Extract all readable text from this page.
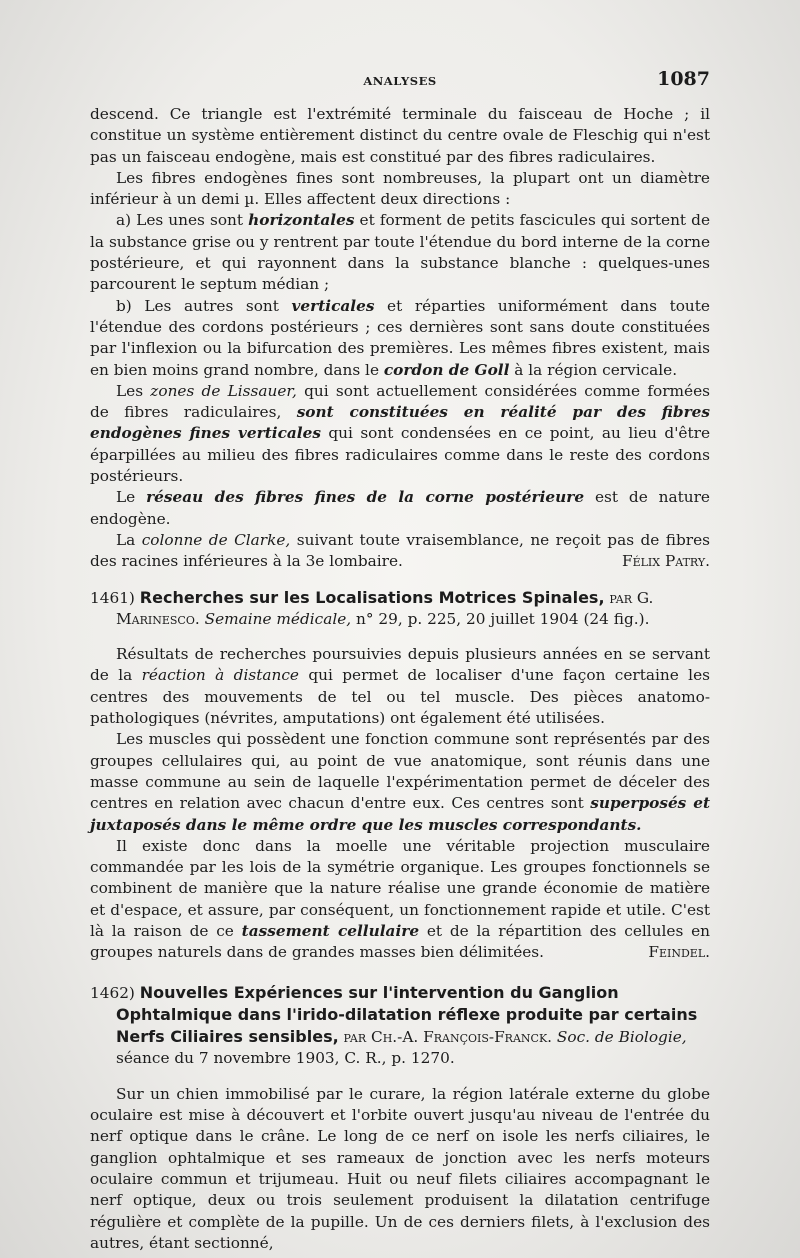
ANALYSES	1087

descend. Ce triangle est l'extrémité terminale du faisceau de Hoche ; il constitue un système entièrement distinct du centre ovale de Fleschig qui n'est pas un faisceau endogène, mais est constitué par des fibres radiculaires.

Les fibres endogènes fines sont nombreuses, la plupart ont un diamètre inférieur à un demi µ. Elles affectent deux directions :

a) Les unes sont horizontales et forment de petits fascicules qui sortent de la substance grise ou y rentrent par toute l'étendue du bord interne de la corne postérieure, et qui rayonnent dans la substance blanche : quelques-unes parcourent le septum médian ;

b) Les autres sont verticales et réparties uniformément dans toute l'étendue des cordons postérieurs ; ces dernières sont sans doute constituées par l'inflexion ou la bifurcation des premières. Les mêmes fibres existent, mais en bien moins grand nombre, dans le cordon de Goll à la région cervicale.

Les zones de Lissauer, qui sont actuellement considérées comme formées de fibres radiculaires, sont constituées en réalité par des fibres endogènes fines verticales qui sont condensées en ce point, au lieu d'être éparpillées au milieu des fibres radiculaires comme dans le reste des cordons postérieurs.

Le réseau des fibres fines de la corne postérieure est de nature endogène.

La colonne de Clarke, suivant toute vraisemblance, ne reçoit pas de fibres des racines inférieures à la 3e lombaire.	Félix Patry.

1461) Recherches sur les Localisations Motrices Spinales, par G. Marinesco. Semaine médicale, n° 29, p. 225, 20 juillet 1904 (24 fig.).

Résultats de recherches poursuivies depuis plusieurs années en se servant de la réaction à distance qui permet de localiser d'une façon certaine les centres des mouvements de tel ou tel muscle. Des pièces anatomo-pathologiques (névrites, amputations) ont également été utilisées.

Les muscles qui possèdent une fonction commune sont représentés par des groupes cellulaires qui, au point de vue anatomique, sont réunis dans une masse commune au sein de laquelle l'expérimentation permet de déceler des centres en relation avec chacun d'entre eux. Ces centres sont superposés et juxtaposés dans le même ordre que les muscles correspondants.

Il existe donc dans la moelle une véritable projection musculaire commandée par les lois de la symétrie organique. Les groupes fonctionnels se combinent de manière que la nature réalise une grande économie de matière et d'espace, et assure, par conséquent, un fonctionnement rapide et utile. C'est là la raison de ce tassement cellulaire et de la répartition des cellules en groupes naturels dans de grandes masses bien délimitées.	Feindel.

1462) Nouvelles Expériences sur l'intervention du Ganglion Ophtalmique dans l'irido-dilatation réflexe produite par certains Nerfs Ciliaires sensibles, par Ch.-A. François-Franck. Soc. de Biologie, séance du 7 novembre 1903, C. R., p. 1270.

Sur un chien immobilisé par le curare, la région latérale externe du globe oculaire est mise à découvert et l'orbite ouvert jusqu'au niveau de l'entrée du nerf optique dans le crâne. Le long de ce nerf on isole les nerfs ciliaires, le ganglion ophtalmique et ses rameaux de jonction avec les nerfs moteurs oculaire commun et trijumeau. Huit ou neuf filets ciliaires accompagnant le nerf optique, deux ou trois seulement produisent la dilatation centrifuge régulière et complète de la pupille. Un de ces derniers filets, à l'exclusion des autres, étant sectionné,
